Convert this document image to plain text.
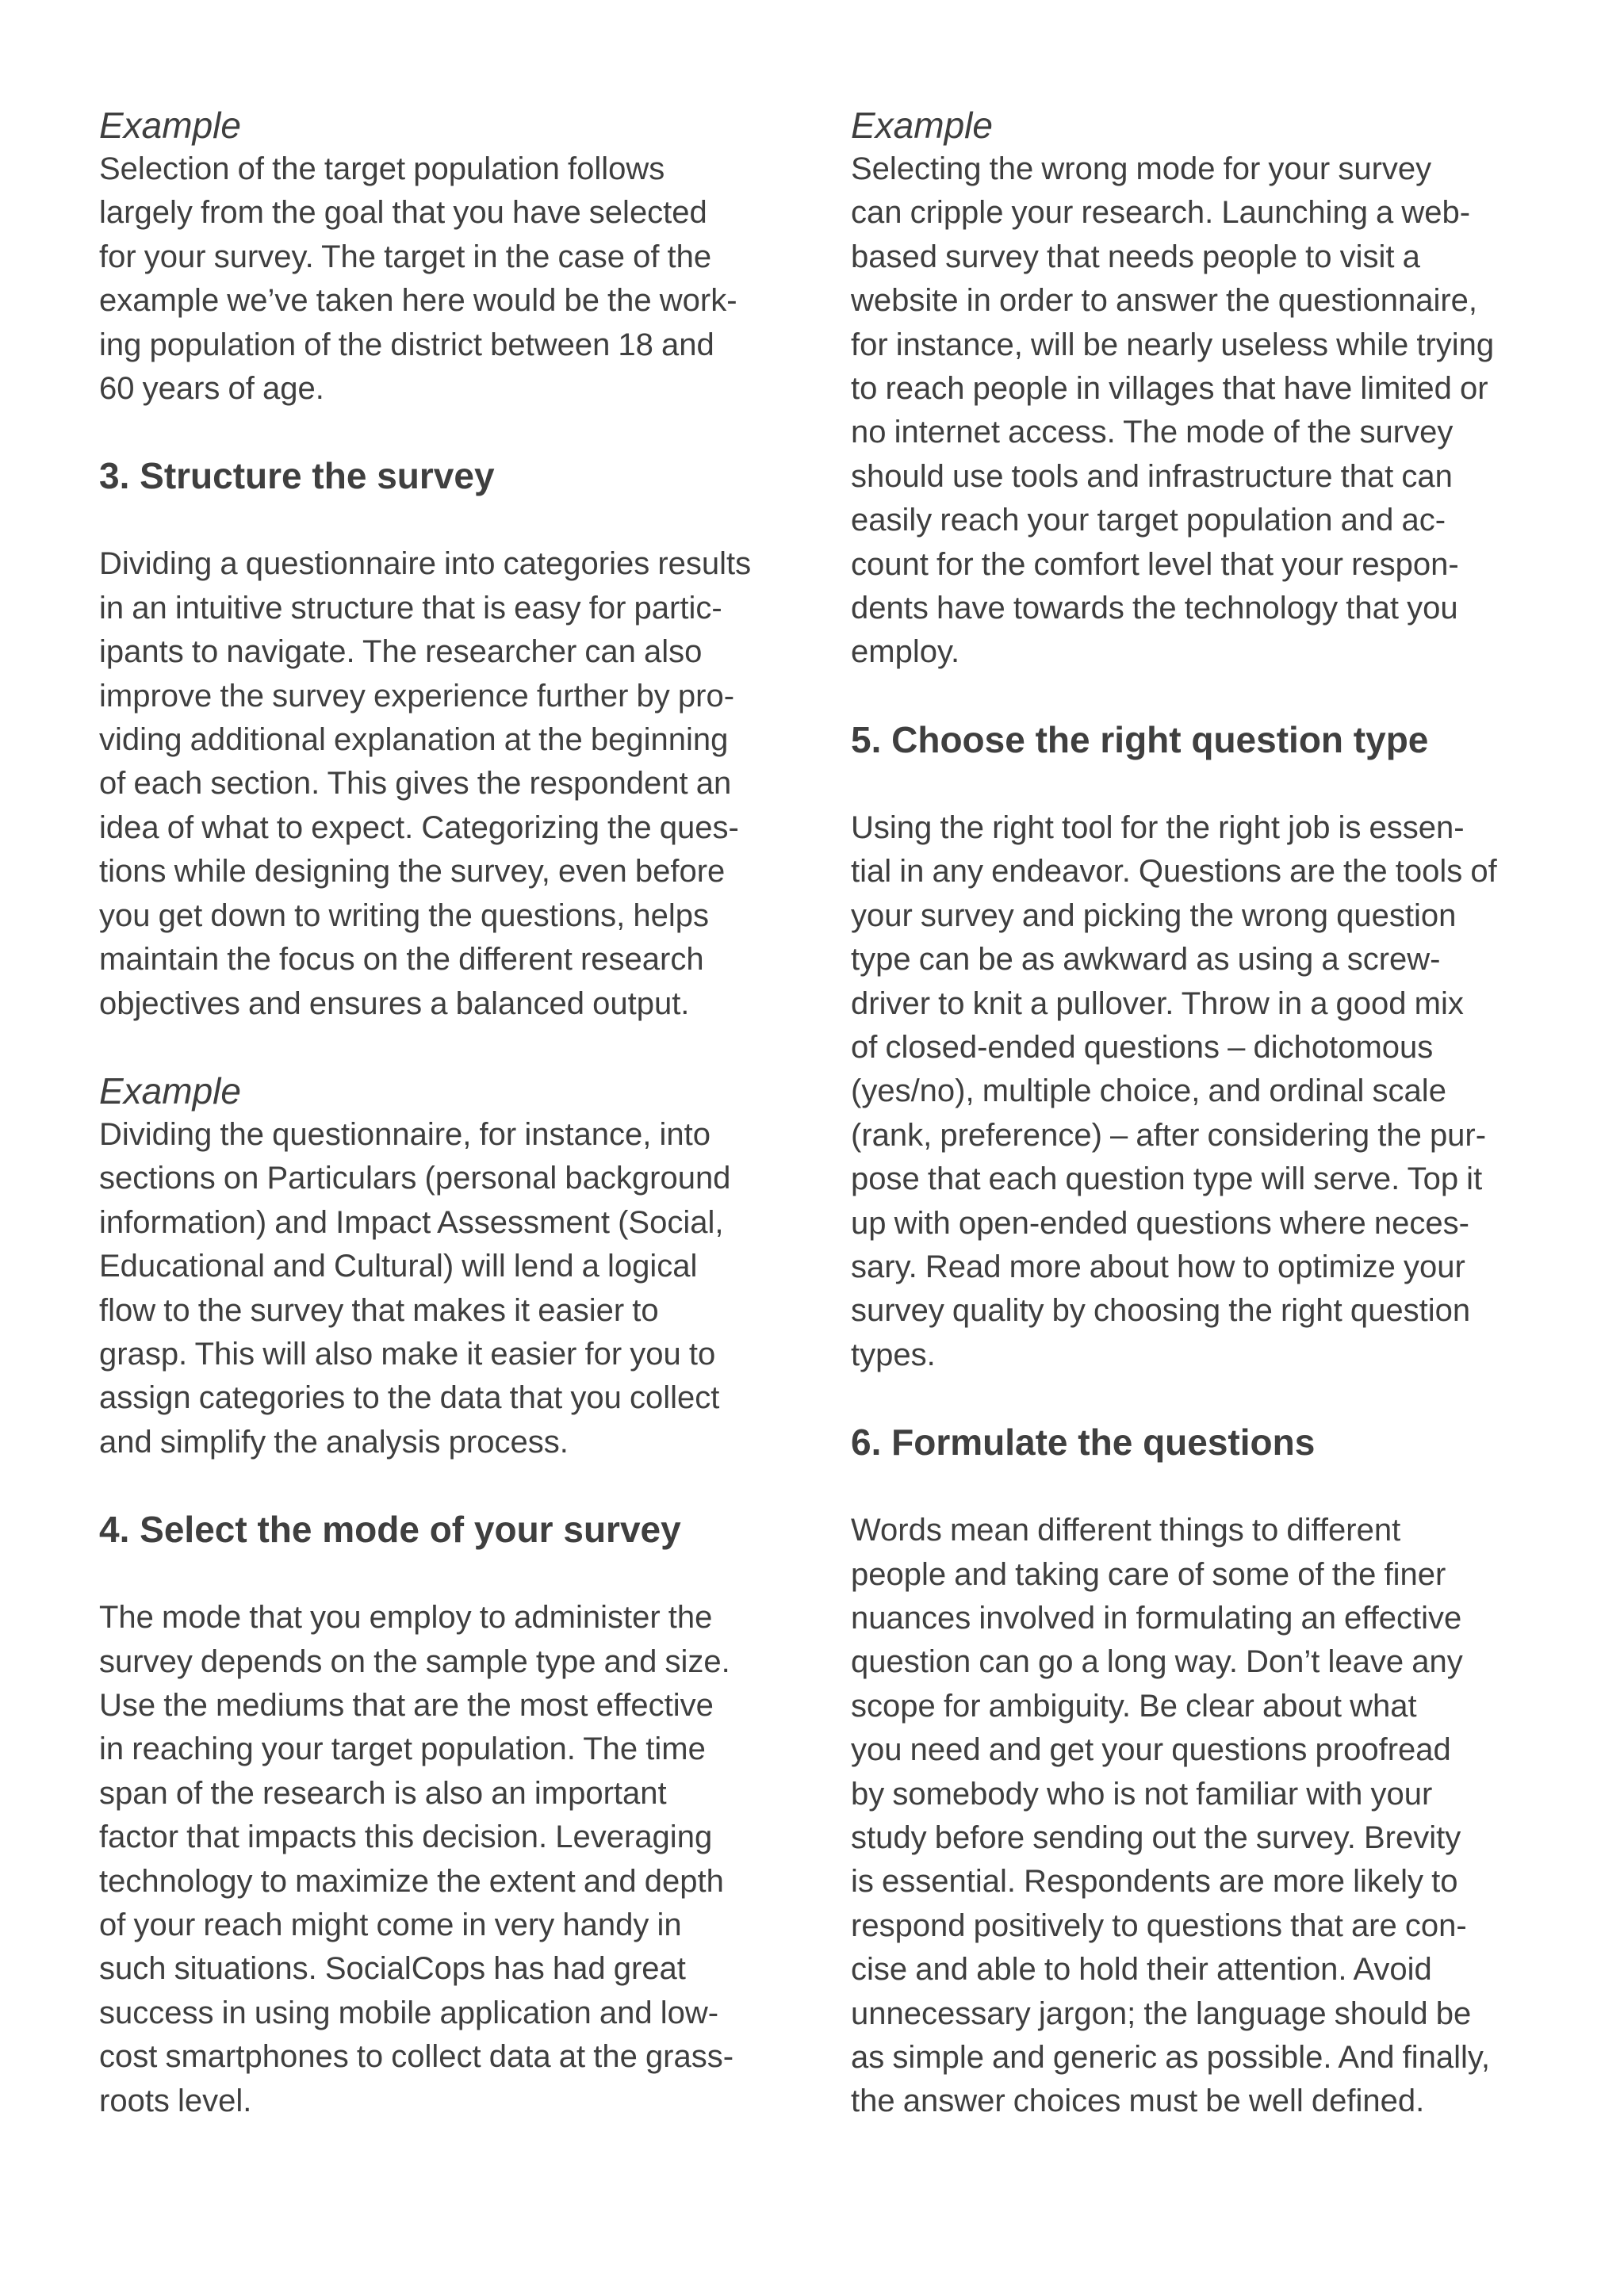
Example

Selection of the target population follows
largely from the goal that you have selected
for your survey. The target in the case of the
example we’ve taken here would be the work-
ing population of the district between 18 and
60 years of age.

3. Structure the survey

Dividing a questionnaire into categories results
in an intuitive structure that is easy for partic-
ipants to navigate. The researcher can also
improve the survey experience further by pro-
viding additional explanation at the beginning
of each section. This gives the respondent an
idea of what to expect. Categorizing the ques-
tions while designing the survey, even before
you get down to writing the questions, helps
maintain the focus on the different research
objectives and ensures a balanced output.

Example

Dividing the questionnaire, for instance, into
sections on Particulars (personal background
information) and Impact Assessment (Social,
Educational and Cultural) will lend a logical
flow to the survey that makes it easier to
grasp. This will also make it easier for you to
assign categories to the data that you collect
and simplify the analysis process.

4. Select the mode of your survey

The mode that you employ to administer the
survey depends on the sample type and size.
Use the mediums that are the most effective
in reaching your target population. The time
span of the research is also an important
factor that impacts this decision. Leveraging
technology to maximize the extent and depth
of your reach might come in very handy in
such situations. SocialCops has had great
success in using mobile application and low-
cost smartphones to collect data at the grass-
roots level.

Example

Selecting the wrong mode for your survey
can cripple your research. Launching a web-
based survey that needs people to visit a
website in order to answer the questionnaire,
for instance, will be nearly useless while trying
to reach people in villages that have limited or
no internet access. The mode of the survey
should use tools and infrastructure that can
easily reach your target population and ac-
count for the comfort level that your respon-
dents have towards the technology that you
employ.

5. Choose the right question type

Using the right tool for the right job is essen-
tial in any endeavor. Questions are the tools of
your survey and picking the wrong question
type can be as awkward as using a screw-
driver to knit a pullover. Throw in a good mix
of closed-ended questions – dichotomous
(yes/no), multiple choice, and ordinal scale
(rank, preference) – after considering the pur-
pose that each question type will serve. Top it
up with open-ended questions where neces-
sary. Read more about how to optimize your
survey quality by choosing the right question
types.

6. Formulate the questions

Words mean different things to different
people and taking care of some of the finer
nuances involved in formulating an effective
question can go a long way. Don’t leave any
scope for ambiguity. Be clear about what
you need and get your questions proofread
by somebody who is not familiar with your
study before sending out the survey. Brevity
is essential. Respondents are more likely to
respond positively to questions that are con-
cise and able to hold their attention. Avoid
unnecessary jargon; the language should be
as simple and generic as possible. And finally,
the answer choices must be well defined.
